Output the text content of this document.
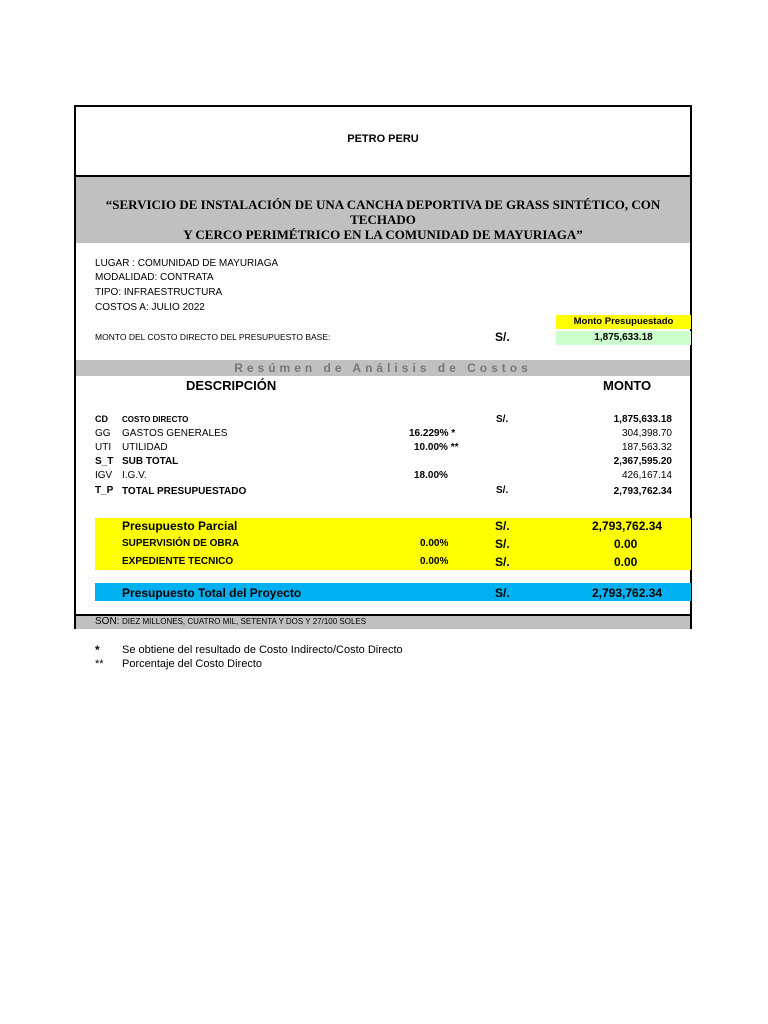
PETRO PERU
“SERVICIO DE INSTALACIÓN DE UNA CANCHA DEPORTIVA DE GRASS SINTÉTICO, CON TECHADO
Y CERCO PERIMÉTRICO EN LA COMUNIDAD DE MAYURIAGA”
LUGAR : COMUNIDAD DE MAYURIAGA
MODALIDAD: CONTRATA
TIPO: INFRAESTRUCTURA
COSTOS A: JULIO 2022
Monto Presupuestado
MONTO DEL COSTO DIRECTO DEL PRESUPUESTO BASE:	S/.	1,875,633.18
Resúmen de Análisis de Costos
DESCRIPCIÓN	MONTO
CD COSTO DIRECTO	S/.	1,875,633.18
GG GASTOS GENERALES	16.229% *	304,398.70
UTI UTILIDAD	10.00% **	187,563.32
S_T SUB TOTAL	2,367,595.20
IGV I.G.V.	18.00%	426,167.14
T_P TOTAL PRESUPUESTADO	S/.	2,793,762.34
Presupuesto Parcial	S/.	2,793,762.34
SUPERVISIÓN DE OBRA	0.00%	S/.	0.00
EXPEDIENTE TECNICO	0.00%	S/.	0.00
Presupuesto Total del Proyecto	S/.	2,793,762.34
SON: DIEZ MILLONES, CUATRO MIL, SETENTA Y DOS Y 27/100 SOLES
* Se obtiene del resultado de Costo Indirecto/Costo Directo
** Porcentaje del Costo Directo
